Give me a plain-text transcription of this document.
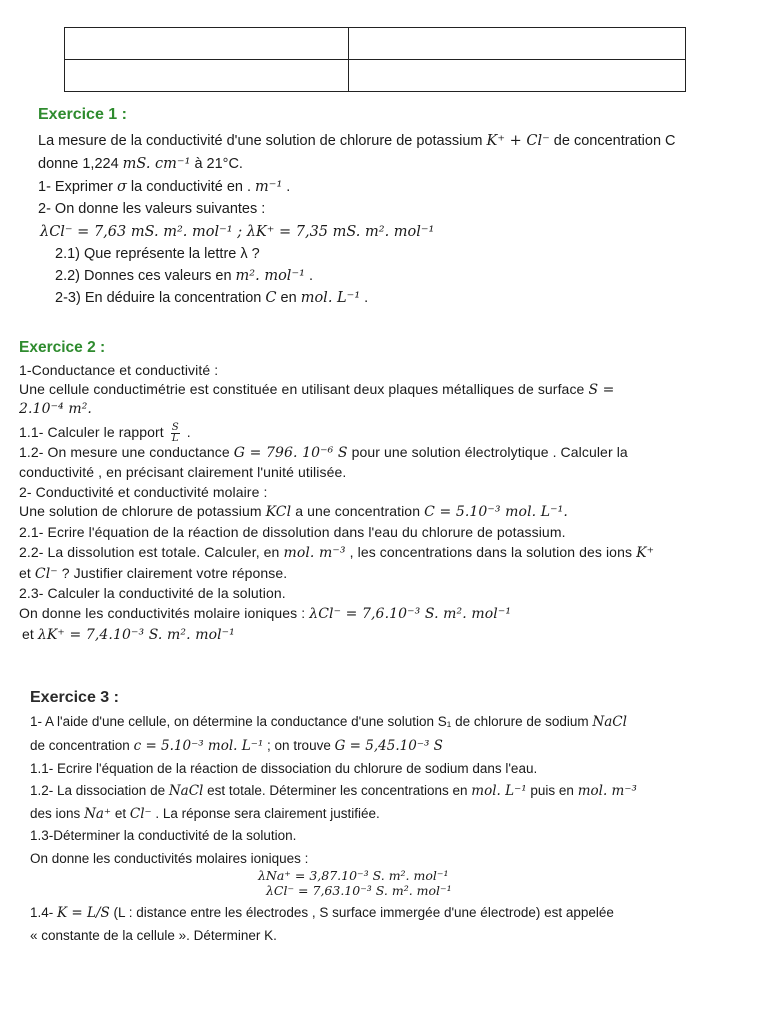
Exercice 1 :
La mesure de la conductivité d'une solution de chlorure de potassium K⁺ + Cl⁻ de concentration C
donne 1,224 mS. cm⁻¹ à 21°C.
1- Exprimer σ la conductivité en . m⁻¹ .
2- On donne les valeurs suivantes :
λCl⁻ = 7,63 mS. m². mol⁻¹ ; λK⁺ = 7,35 mS. m². mol⁻¹
2.1) Que représente la lettre λ ?
2.2) Donnes ces valeurs en m². mol⁻¹ .
2-3) En déduire la concentration C en mol. L⁻¹ .
Exercice 2 :
1-Conductance et conductivité :
Une cellule conductimétrie est constituée en utilisant deux plaques métalliques de surface S =
2.10⁻⁴ m².
1.1- Calculer le rapport $\frac{S}{L}$ .
1.2- On mesure une conductance G = 796. 10⁻⁶ S pour une solution électrolytique . Calculer la
conductivité , en précisant clairement l'unité utilisée.
2- Conductivité et conductivité molaire :
Une solution de chlorure de potassium KCl a une concentration C = 5.10⁻³ mol. L⁻¹.
2.1- Ecrire l'équation de la réaction de dissolution dans l'eau du chlorure de potassium.
2.2- La dissolution est totale. Calculer, en mol. m⁻³ , les concentrations dans la solution des ions K⁺
et Cl⁻ ? Justifier clairement votre réponse.
2.3- Calculer la conductivité de la solution.
On donne les conductivités molaire ioniques : λCl⁻ = 7,6.10⁻³ S. m². mol⁻¹
et λK⁺ = 7,4.10⁻³ S. m². mol⁻¹
Exercice 3 :
1- A l'aide d'une cellule, on détermine la conductance d'une solution S₁ de chlorure de sodium NaCl
de concentration c = 5.10⁻³ mol. L⁻¹ ; on trouve G = 5,45.10⁻³ S
1.1- Ecrire l'équation de la réaction de dissociation du chlorure de sodium dans l'eau.
1.2- La dissociation de NaCl est totale. Déterminer les concentrations en mol. L⁻¹ puis en mol. m⁻³
des ions Na⁺ et Cl⁻ . La réponse sera clairement justifiée.
1.3-Déterminer la conductivité de la solution.
On donne les conductivités molaires ioniques :
λNa⁺ = 3,87.10⁻³ S. m². mol⁻¹
λCl⁻ = 7,63.10⁻³ S. m². mol⁻¹
1.4- K = L/S (L : distance entre les électrodes , S surface immergée d'une électrode) est appelée
« constante de la cellule ». Déterminer K.
